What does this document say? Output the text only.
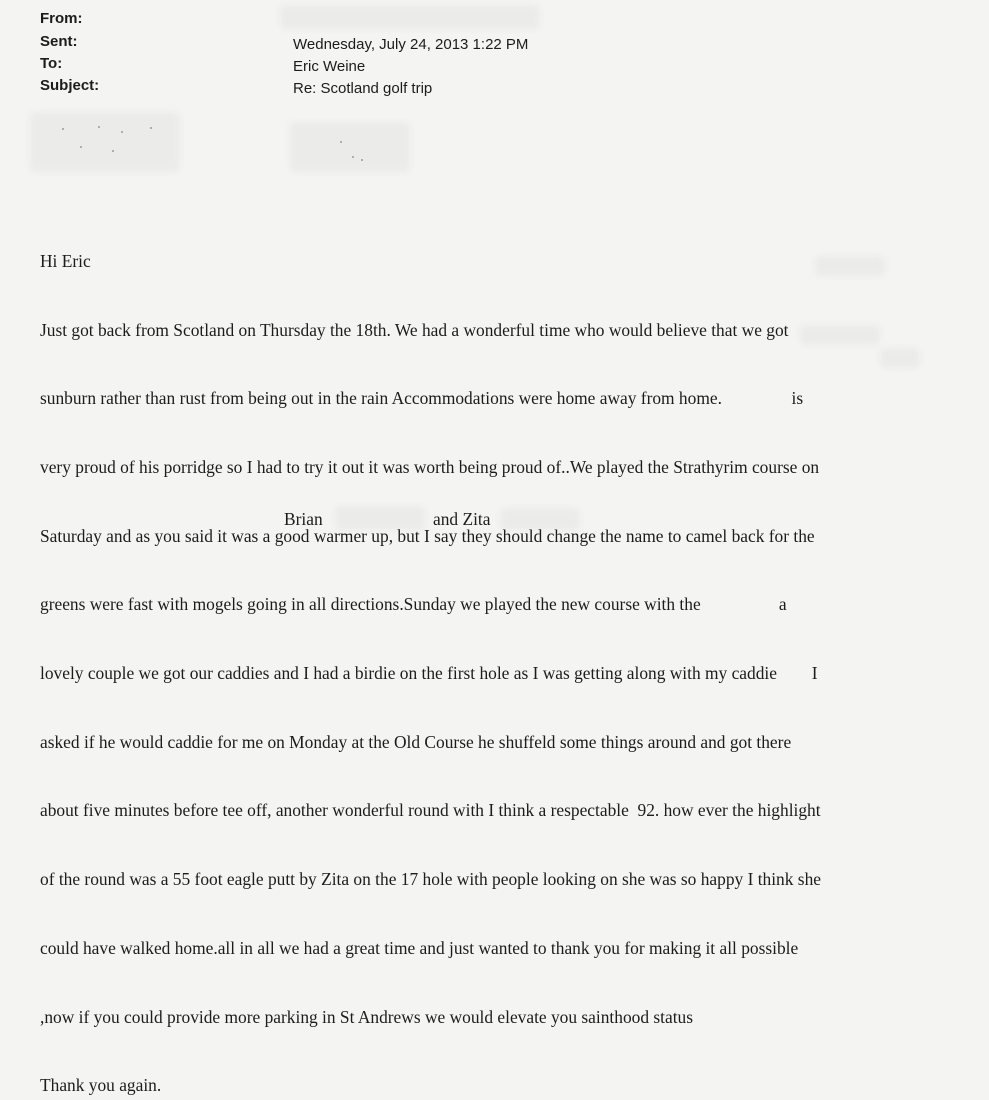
From:
Sent:	Wednesday, July 24, 2013 1:22 PM
To:	Eric Weine
Subject:	Re: Scotland golf trip

Hi Eric

Just got back from Scotland on Thursday the 18th. We had a wonderful time who would believe that we got

sunburn rather than rust from being out in the rain Accommodations were home away from home.                is

very proud of his porridge so I had to try it out it was worth being proud of..We played the Strathyrim course on

Saturday and as you said it was a good warmer up, but I say they should change the name to camel back for the

greens were fast with mogels going in all directions.Sunday we played the new course with the                  a

lovely couple we got our caddies and I had a birdie on the first hole as I was getting along with my caddie        I

asked if he would caddie for me on Monday at the Old Course he shuffeld some things around and got there

about five minutes before tee off, another wonderful round with I think a respectable  92. how ever the highlight

of the round was a 55 foot eagle putt by Zita on the 17 hole with people looking on she was so happy I think she

could have walked home.all in all we had a great time and just wanted to thank you for making it all possible

,now if you could provide more parking in St Andrews we would elevate you sainthood status

Thank you again.

Brian	and Zita
